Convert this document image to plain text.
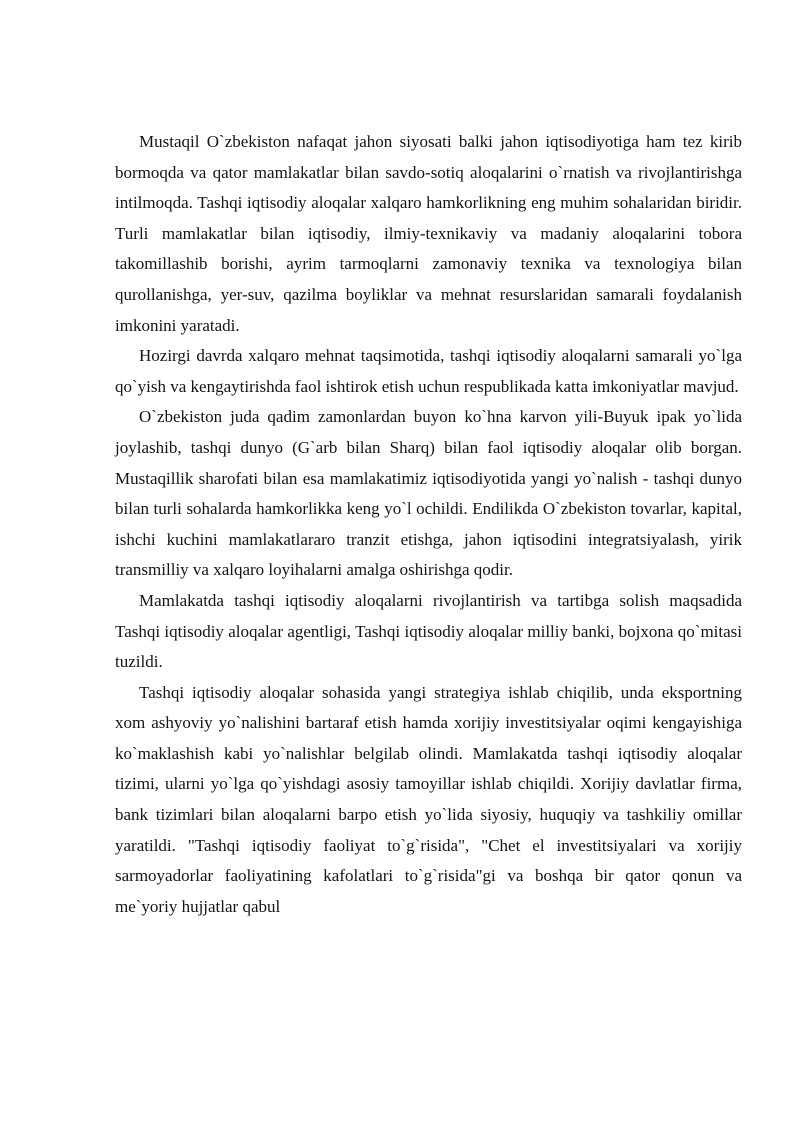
Mustaqil O`zbekiston nafaqat jahon siyosati balki jahon iqtisodiyotiga ham tez kirib bormoqda va qator mamlakatlar bilan savdo-sotiq aloqalarini o`rnatish va rivojlantirishga intilmoqda. Tashqi iqtisodiy aloqalar xalqaro hamkorlikning eng muhim sohalaridan biridir. Turli mamlakatlar bilan iqtisodiy, ilmiy-texnikaviy va madaniy aloqalarini tobora takomillashib borishi, ayrim tarmoqlarni zamonaviy texnika va texnologiya bilan qurollanishga, yer-suv, qazilma boyliklar va mehnat resurslaridan samarali foydalanish imkonini yaratadi.

Hozirgi davrda xalqaro mehnat taqsimotida, tashqi iqtisodiy aloqalarni samarali yo`lga qo`yish va kengaytirishda faol ishtirok etish uchun respublikada katta imkoniyatlar mavjud.

O`zbekiston juda qadim zamonlardan buyon ko`hna karvon yili-Buyuk ipak yo`lida joylashib, tashqi dunyo (G`arb bilan Sharq) bilan faol iqtisodiy aloqalar olib borgan. Mustaqillik sharofati bilan esa mamlakatimiz iqtisodiyotida yangi yo`nalish - tashqi dunyo bilan turli sohalarda hamkorlikka keng yo`l ochildi. Endilikda O`zbekiston tovarlar, kapital, ishchi kuchini mamlakatlararo tranzit etishga, jahon iqtisodini integratsiyalash, yirik transmilliy va xalqaro loyihalarni amalga oshirishga qodir.

Mamlakatda tashqi iqtisodiy aloqalarni rivojlantirish va tartibga solish maqsadida Tashqi iqtisodiy aloqalar agentligi, Tashqi iqtisodiy aloqalar milliy banki, bojxona qo`mitasi tuzildi.

Tashqi iqtisodiy aloqalar sohasida yangi strategiya ishlab chiqilib, unda eksportning xom ashyoviy yo`nalishini bartaraf etish hamda xorijiy investitsiyalar oqimi kengayishiga ko`maklashish kabi yo`nalishlar belgilab olindi. Mamlakatda tashqi iqtisodiy aloqalar tizimi, ularni yo`lga qo`yishdagi asosiy tamoyillar ishlab chiqildi. Xorijiy davlatlar firma, bank tizimlari bilan aloqalarni barpo etish yo`lida siyosiy, huquqiy va tashkiliy omillar yaratildi. "Tashqi iqtisodiy faoliyat to`g`risida", "Chet el investitsiyalari va xorijiy sarmoyadorlar faoliyatining kafolatlari to`g`risida"gi va boshqa bir qator qonun va me`yoriy hujjatlar qabul
